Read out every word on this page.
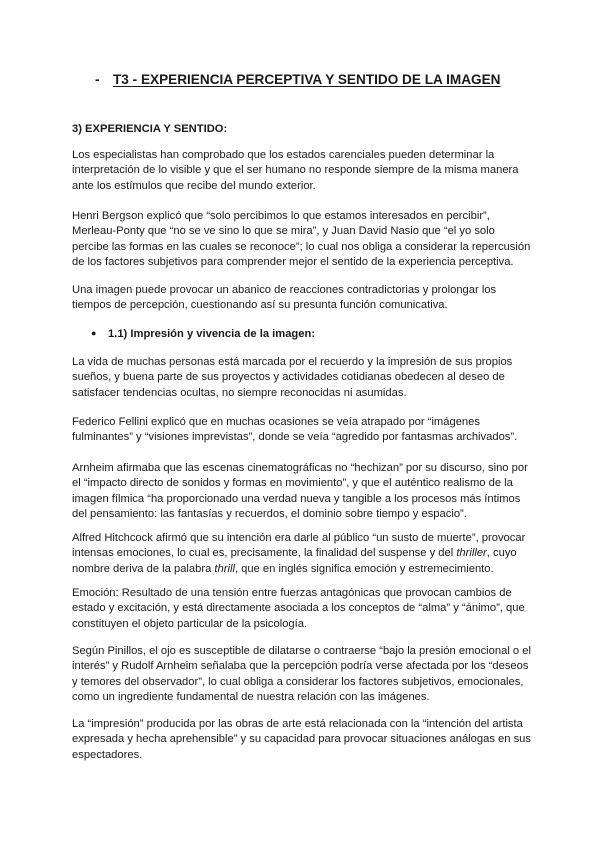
- T3 - EXPERIENCIA PERCEPTIVA Y SENTIDO DE LA IMAGEN
3) EXPERIENCIA Y SENTIDO:

Los especialistas han comprobado que los estados carenciales pueden determinar la interpretación de lo visible y que el ser humano no responde siempre de la misma manera ante los estímulos que recibe del mundo exterior.

Henri Bergson explicó que “solo percibimos lo que estamos interesados en percibir”, Merleau-Ponty que “no se ve sino lo que se mira”, y Juan David Nasio que “el yo solo percibe las formas en las cuales se reconoce”; lo cual nos obliga a considerar la repercusión de los factores subjetivos para comprender mejor el sentido de la experiencia perceptiva.

Una imagen puede provocar un abanico de reacciones contradictorias y prolongar los tiempos de percepción, cuestionando así su presunta función comunicativa.

● 1.1) Impresión y vivencia de la imagen:

La vida de muchas personas está marcada por el recuerdo y la impresión de sus propios sueños, y buena parte de sus proyectos y actividades cotidianas obedecen al deseo de satisfacer tendencias ocultas, no siempre reconocidas ni asumidas.

Federico Fellini explicó que en muchas ocasiones se veía atrapado por “imágenes fulminantes” y “visiones imprevistas”, donde se veía “agredido por fantasmas archivados”.

Arnheim afirmaba que las escenas cinematográficas no “hechizan” por su discurso, sino por el “impacto directo de sonidos y formas en movimiento”, y que el auténtico realismo de la imagen fílmica “ha proporcionado una verdad nueva y tangible a los procesos más íntimos del pensamiento: las fantasías y recuerdos, el dominio sobre tiempo y espacio”.

Alfred Hitchcock afirmó que su intención era darle al público “un susto de muerte”, provocar intensas emociones, lo cual es, precisamente, la finalidad del suspense y del thriller, cuyo nombre deriva de la palabra thrill, que en inglés significa emoción y estremecimiento.

Emoción: Resultado de una tensión entre fuerzas antagónicas que provocan cambios de estado y excitación, y está directamente asociada a los conceptos de “alma” y “ánimo”, que constituyen el objeto particular de la psicología.

Según Pinillos, el ojo es susceptible de dilatarse o contraerse “bajo la presión emocional o el interés” y Rudolf Arnheim señalaba que la percepción podría verse afectada por los “deseos y temores del observador”, lo cual obliga a considerar los factores subjetivos, emocionales, como un ingrediente fundamental de nuestra relación con las imágenes.

La “impresión” producida por las obras de arte está relacionada con la “intención del artista expresada y hecha aprehensible” y su capacidad para provocar situaciones análogas en sus espectadores.
